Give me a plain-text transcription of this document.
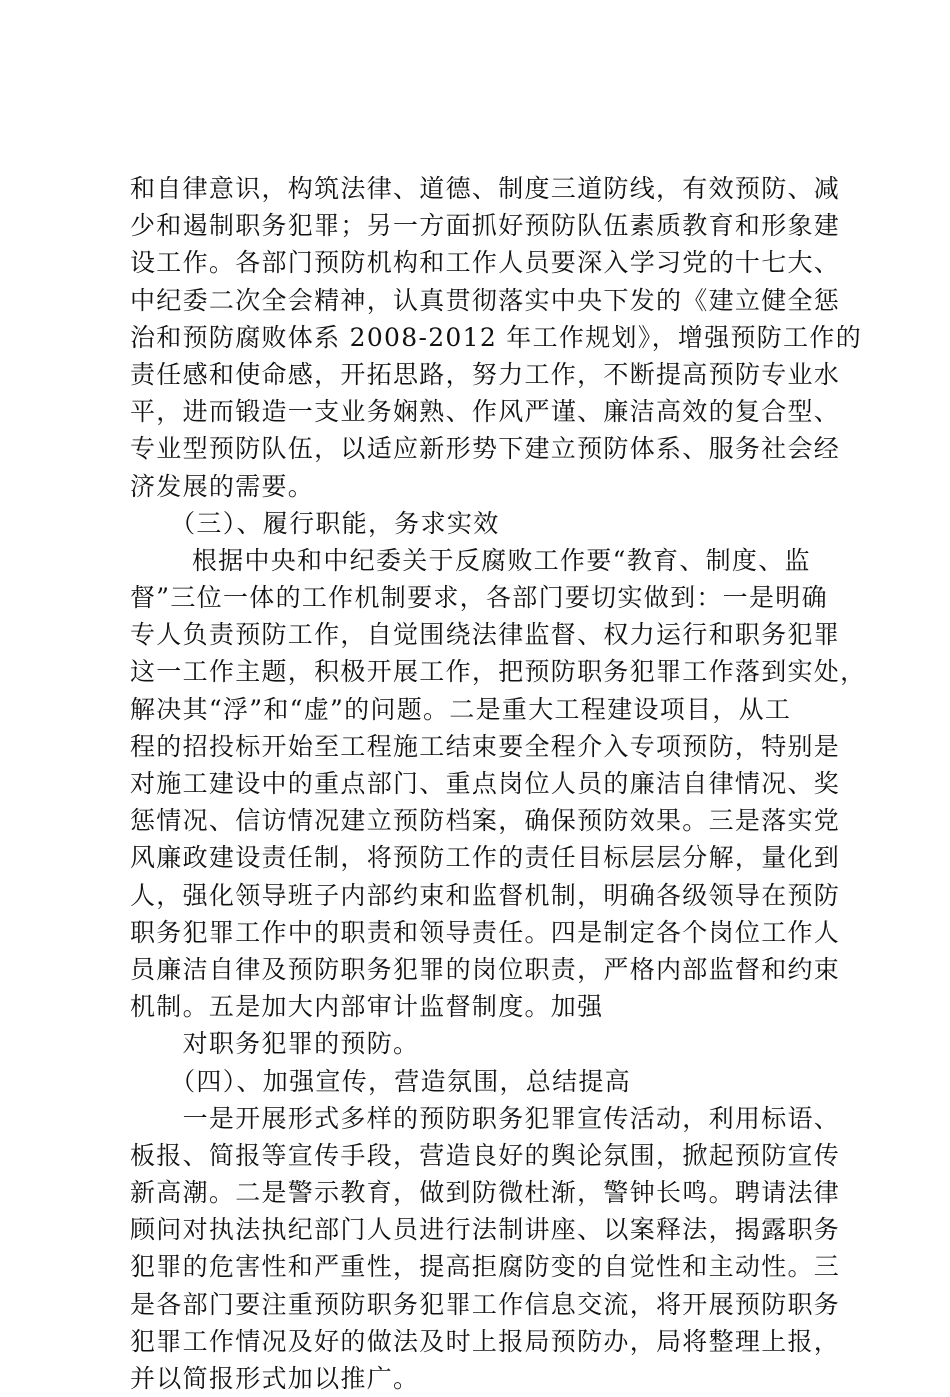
和自律意识，构筑法律、道德、制度三道防线，有效预防、减
少和遏制职务犯罪；另一方面抓好预防队伍素质教育和形象建
设工作。各部门预防机构和工作人员要深入学习党的十七大、
中纪委二次全会精神，认真贯彻落实中央下发的《建立健全惩
治和预防腐败体系 2008-2012 年工作规划》，增强预防工作的
责任感和使命感，开拓思路，努力工作，不断提高预防专业水
平，进而锻造一支业务娴熟、作风严谨、廉洁高效的复合型、
专业型预防队伍，以适应新形势下建立预防体系、服务社会经
济发展的需要。
　　（三）、履行职能，务求实效
　　 根据中央和中纪委关于反腐败工作要“教育、制度、监
督”三位一体的工作机制要求，各部门要切实做到：一是明确
专人负责预防工作，自觉围绕法律监督、权力运行和职务犯罪
这一工作主题，积极开展工作，把预防职务犯罪工作落到实处，
解决其“浮”和“虚”的问题。二是重大工程建设项目，从工
程的招投标开始至工程施工结束要全程介入专项预防，特别是
对施工建设中的重点部门、重点岗位人员的廉洁自律情况、奖
惩情况、信访情况建立预防档案，确保预防效果。三是落实党
风廉政建设责任制，将预防工作的责任目标层层分解，量化到
人，强化领导班子内部约束和监督机制，明确各级领导在预防
职务犯罪工作中的职责和领导责任。四是制定各个岗位工作人
员廉洁自律及预防职务犯罪的岗位职责，严格内部监督和约束
机制。五是加大内部审计监督制度。加强
　　对职务犯罪的预防。
　　（四）、加强宣传，营造氛围，总结提高
　　一是开展形式多样的预防职务犯罪宣传活动，利用标语、
板报、简报等宣传手段，营造良好的舆论氛围，掀起预防宣传
新高潮。二是警示教育，做到防微杜渐，警钟长鸣。聘请法律
顾问对执法执纪部门人员进行法制讲座、以案释法，揭露职务
犯罪的危害性和严重性，提高拒腐防变的自觉性和主动性。三
是各部门要注重预防职务犯罪工作信息交流，将开展预防职务
犯罪工作情况及好的做法及时上报局预防办，局将整理上报，
并以简报形式加以推广。
